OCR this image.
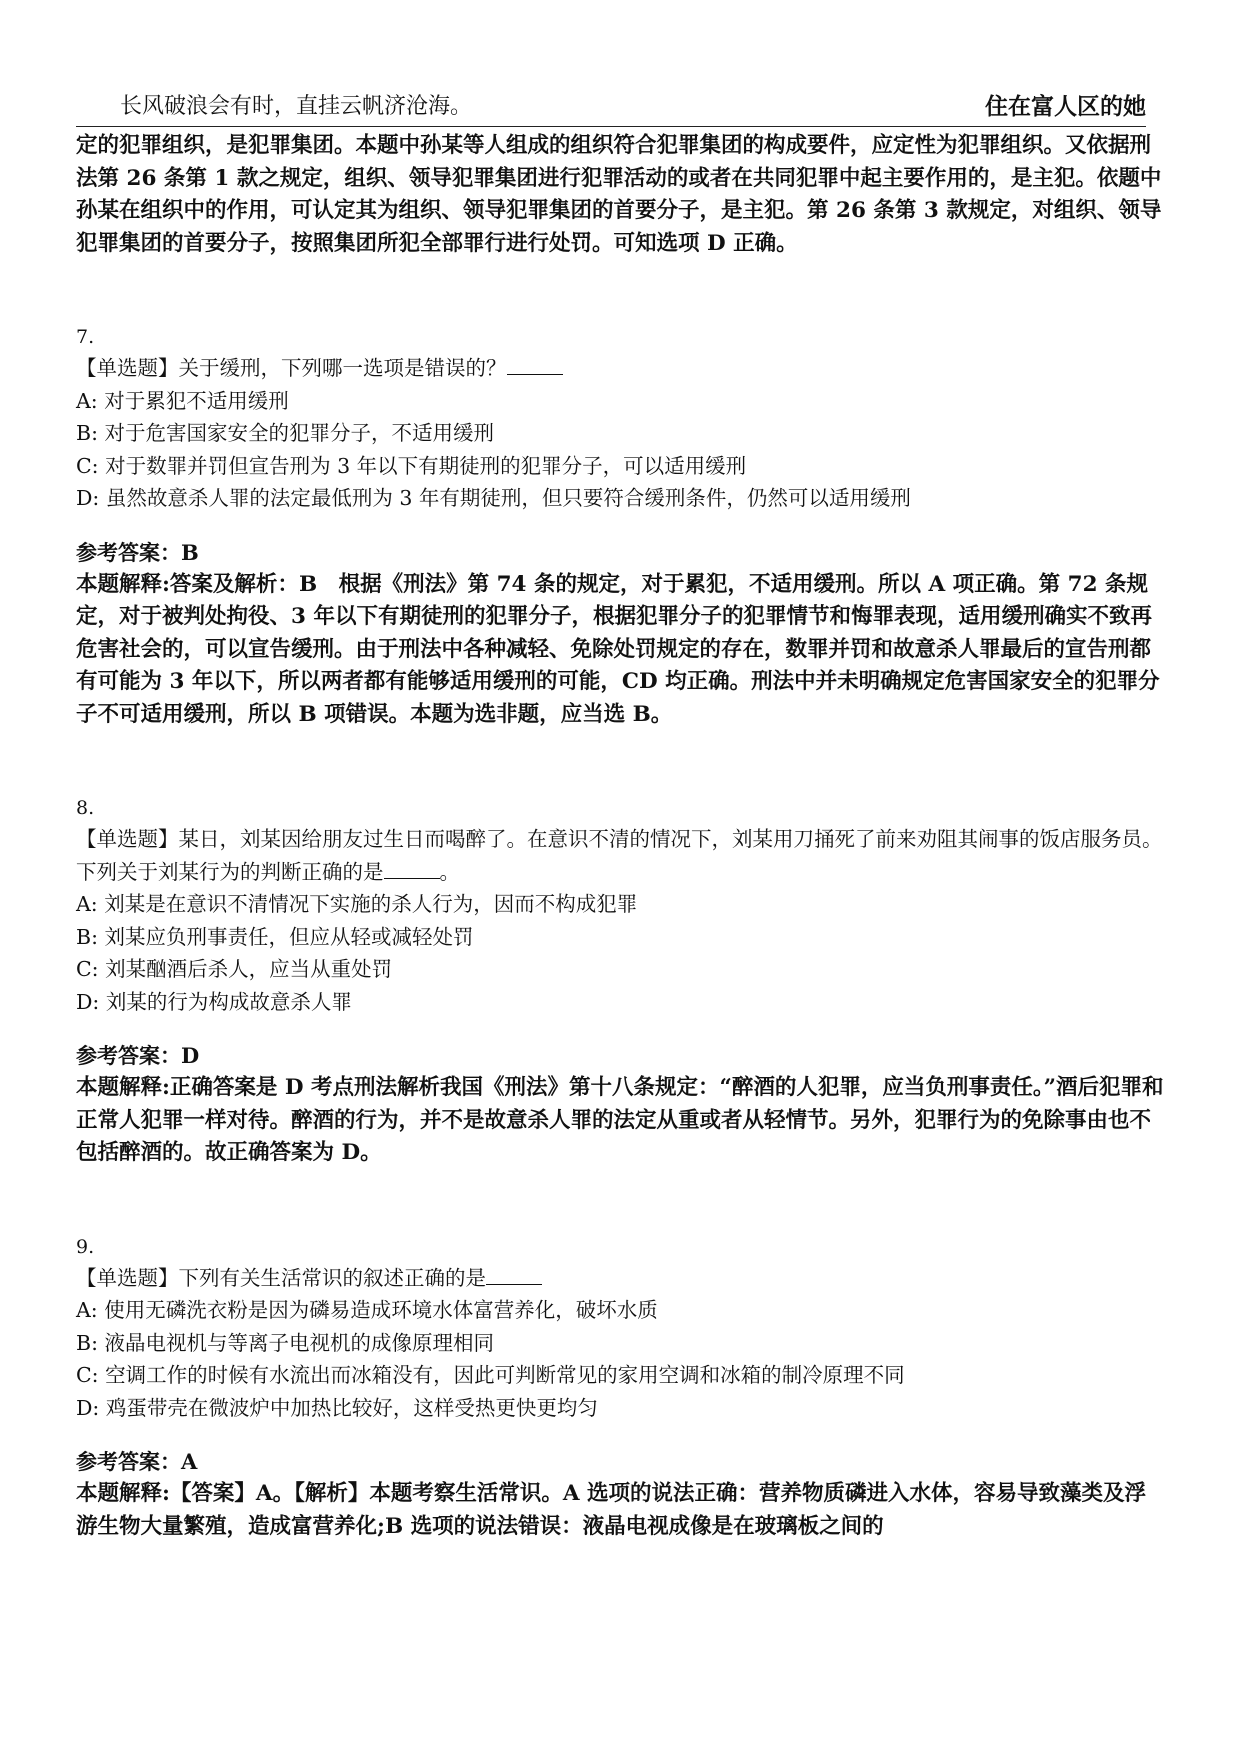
长风破浪会有时，直挂云帆济沧海。	住在富人区的她

定的犯罪组织，是犯罪集团。本题中孙某等人组成的组织符合犯罪集团的构成要件，应定性为犯罪组织。又依据刑法第 26 条第 1 款之规定，组织、领导犯罪集团进行犯罪活动的或者在共同犯罪中起主要作用的，是主犯。依题中孙某在组织中的作用，可认定其为组织、领导犯罪集团的首要分子，是主犯。第 26 条第 3 款规定，对组织、领导犯罪集团的首要分子，按照集团所犯全部罪行进行处罚。可知选项 D 正确。

7.

【单选题】关于缓刑，下列哪一选项是错误的？

A: 对于累犯不适用缓刑

B: 对于危害国家安全的犯罪分子，不适用缓刑

C: 对于数罪并罚但宣告刑为 3 年以下有期徒刑的犯罪分子，可以适用缓刑

D: 虽然故意杀人罪的法定最低刑为 3 年有期徒刑，但只要符合缓刑条件，仍然可以适用缓刑

参考答案：B

本题解释:答案及解析：B　根据《刑法》第 74 条的规定，对于累犯，不适用缓刑。所以 A 项正确。第 72 条规定，对于被判处拘役、3 年以下有期徒刑的犯罪分子，根据犯罪分子的犯罪情节和悔罪表现，适用缓刑确实不致再危害社会的，可以宣告缓刑。由于刑法中各种减轻、免除处罚规定的存在，数罪并罚和故意杀人罪最后的宣告刑都有可能为 3 年以下，所以两者都有能够适用缓刑的可能，CD 均正确。刑法中并未明确规定危害国家安全的犯罪分子不可适用缓刑，所以 B 项错误。本题为选非题，应当选 B。

8.

【单选题】某日，刘某因给朋友过生日而喝醉了。在意识不清的情况下，刘某用刀捅死了前来劝阻其闹事的饭店服务员。下列关于刘某行为的判断正确的是	。

A: 刘某是在意识不清情况下实施的杀人行为，因而不构成犯罪

B: 刘某应负刑事责任，但应从轻或减轻处罚

C: 刘某酗酒后杀人，应当从重处罚

D: 刘某的行为构成故意杀人罪

参考答案：D

本题解释:正确答案是 D 考点刑法解析我国《刑法》第十八条规定：“醉酒的人犯罪，应当负刑事责任。”酒后犯罪和正常人犯罪一样对待。醉酒的行为，并不是故意杀人罪的法定从重或者从轻情节。另外，犯罪行为的免除事由也不包括醉酒的。故正确答案为 D。

9.

【单选题】下列有关生活常识的叙述正确的是

A: 使用无磷洗衣粉是因为磷易造成环境水体富营养化，破坏水质

B: 液晶电视机与等离子电视机的成像原理相同

C: 空调工作的时候有水流出而冰箱没有，因此可判断常见的家用空调和冰箱的制冷原理不同

D: 鸡蛋带壳在微波炉中加热比较好，这样受热更快更均匀

参考答案：A

本题解释:【答案】A。【解析】本题考察生活常识。A 选项的说法正确：营养物质磷进入水体，容易导致藻类及浮游生物大量繁殖，造成富营养化;B 选项的说法错误：液晶电视成像是在玻璃板之间的
